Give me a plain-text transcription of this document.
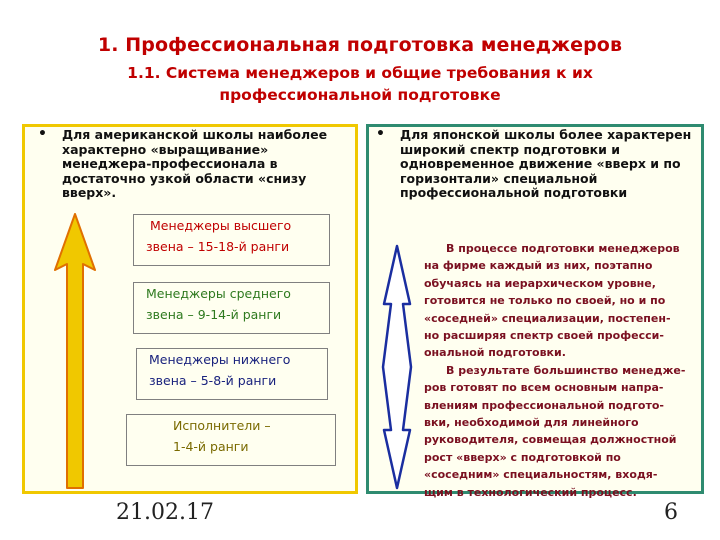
1. Профессиональная подготовка менеджеров
1.1. Система менеджеров и общие требования к их профессиональной подготовке
• Для американской школы наиболее характерно «выращивание» менеджера-профессионала в достаточно узкой области «снизу вверх».
Менеджеры высшего
звена – 15-18-й ранги
Менеджеры среднего
звена – 9-14-й ранги
Менеджеры нижнего
звена – 5-8-й ранги
Исполнители –
1-4-й ранги
• Для японской школы более характерен широкий спектр подготовки и одновременное движение «вверх и по горизонтали» специальной профессиональной подготовки

В процессе подготовки менеджеров

на фирме каждый из них, поэтапно

обучаясь на иерархическом уровне,

готовится не только по своей, но и по

«соседней» специализации, постепен-

но расширяя спектр своей професси-

ональной подготовки.

В результате большинство менедже-

ров готовят по всем основным напра-

влениям профессиональной подгото-

вки, необходимой для линейного

руководителя, совмещая должностной

рост «вверх» с подготовкой по

«соседним» специальностям, входя-

щим в технологический процесс.

21.02.17	6
